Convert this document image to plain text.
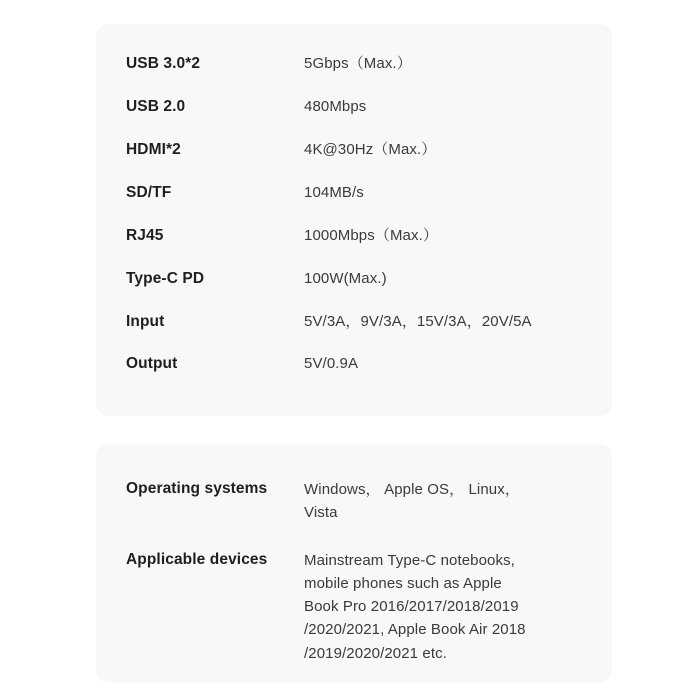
USB 3.0*2	5Gbps（Max.）
USB 2.0	480Mbps
HDMI*2	4K@30Hz（Max.）
SD/TF	104MB/s
RJ45	1000Mbps（Max.）
Type-C PD	100W(Max.)
Input	5V/3A，9V/3A，15V/3A，20V/5A
Output	5V/0.9A
Operating systems	Windows， Apple OS， Linux，
Vista
Applicable devices	Mainstream Type-C notebooks,
mobile phones such as Apple
Book Pro 2016/2017/2018/2019
/2020/2021, Apple Book Air 2018
/2019/2020/2021 etc.
